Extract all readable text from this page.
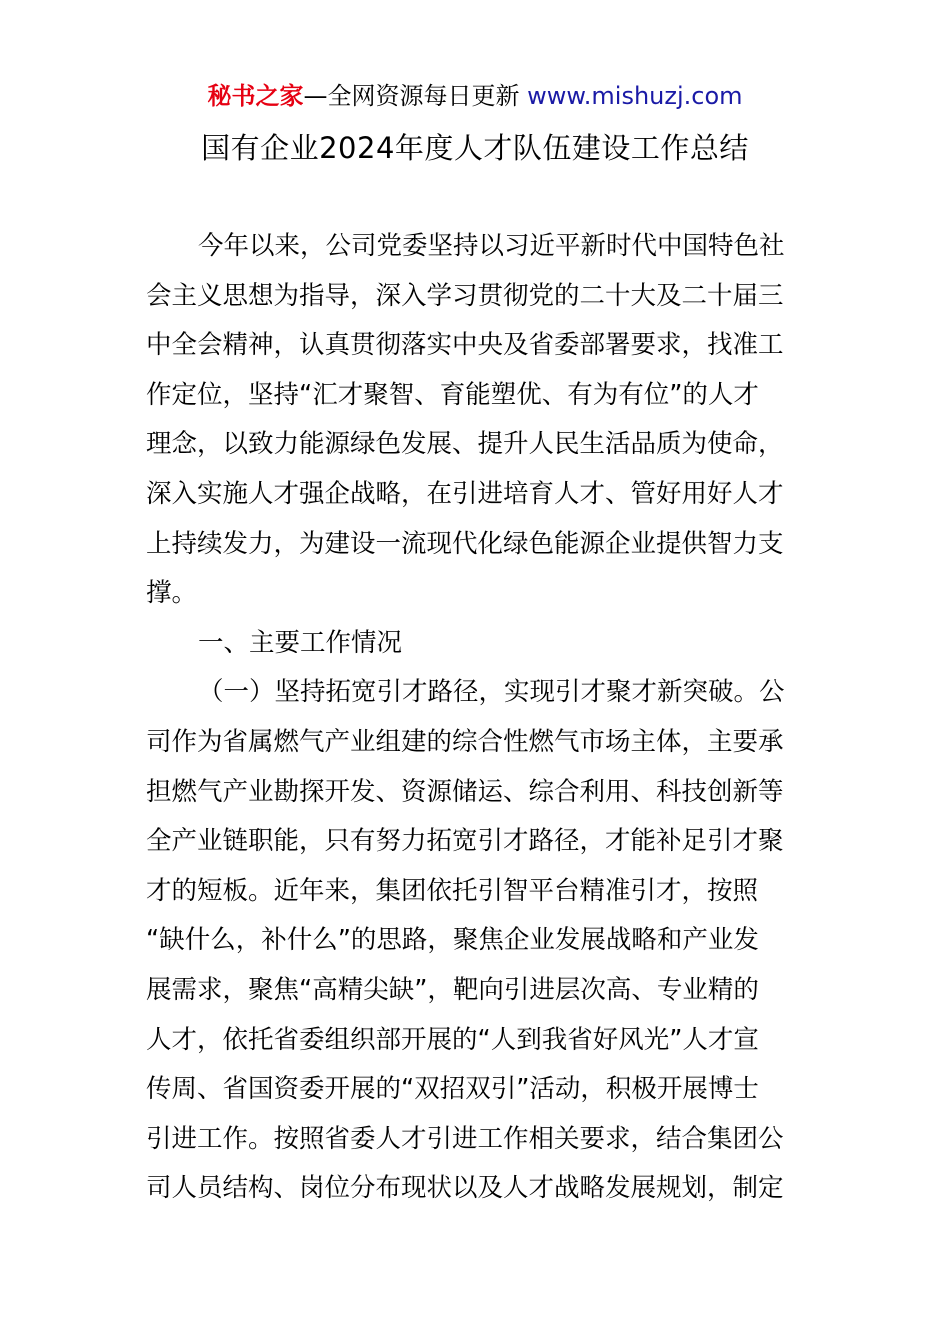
秘书之家—全网资源每日更新 www.mishuzj.com
国有企业2024年度人才队伍建设工作总结
今年以来，公司党委坚持以习近平新时代中国特色社
会主义思想为指导，深入学习贯彻党的二十大及二十届三
中全会精神，认真贯彻落实中央及省委部署要求，找准工
作定位，坚持“汇才聚智、育能塑优、有为有位”的人才
理念，以致力能源绿色发展、提升人民生活品质为使命，
深入实施人才强企战略，在引进培育人才、管好用好人才
上持续发力，为建设一流现代化绿色能源企业提供智力支
撑。
一、主要工作情况
（一）坚持拓宽引才路径，实现引才聚才新突破。公
司作为省属燃气产业组建的综合性燃气市场主体，主要承
担燃气产业勘探开发、资源储运、综合利用、科技创新等
全产业链职能，只有努力拓宽引才路径，才能补足引才聚
才的短板。近年来，集团依托引智平台精准引才，按照
“缺什么，补什么”的思路，聚焦企业发展战略和产业发
展需求，聚焦“高精尖缺”，靶向引进层次高、专业精的
人才，依托省委组织部开展的“人到我省好风光”人才宣
传周、省国资委开展的“双招双引”活动，积极开展博士
引进工作。按照省委人才引进工作相关要求，结合集团公
司人员结构、岗位分布现状以及人才战略发展规划，制定
